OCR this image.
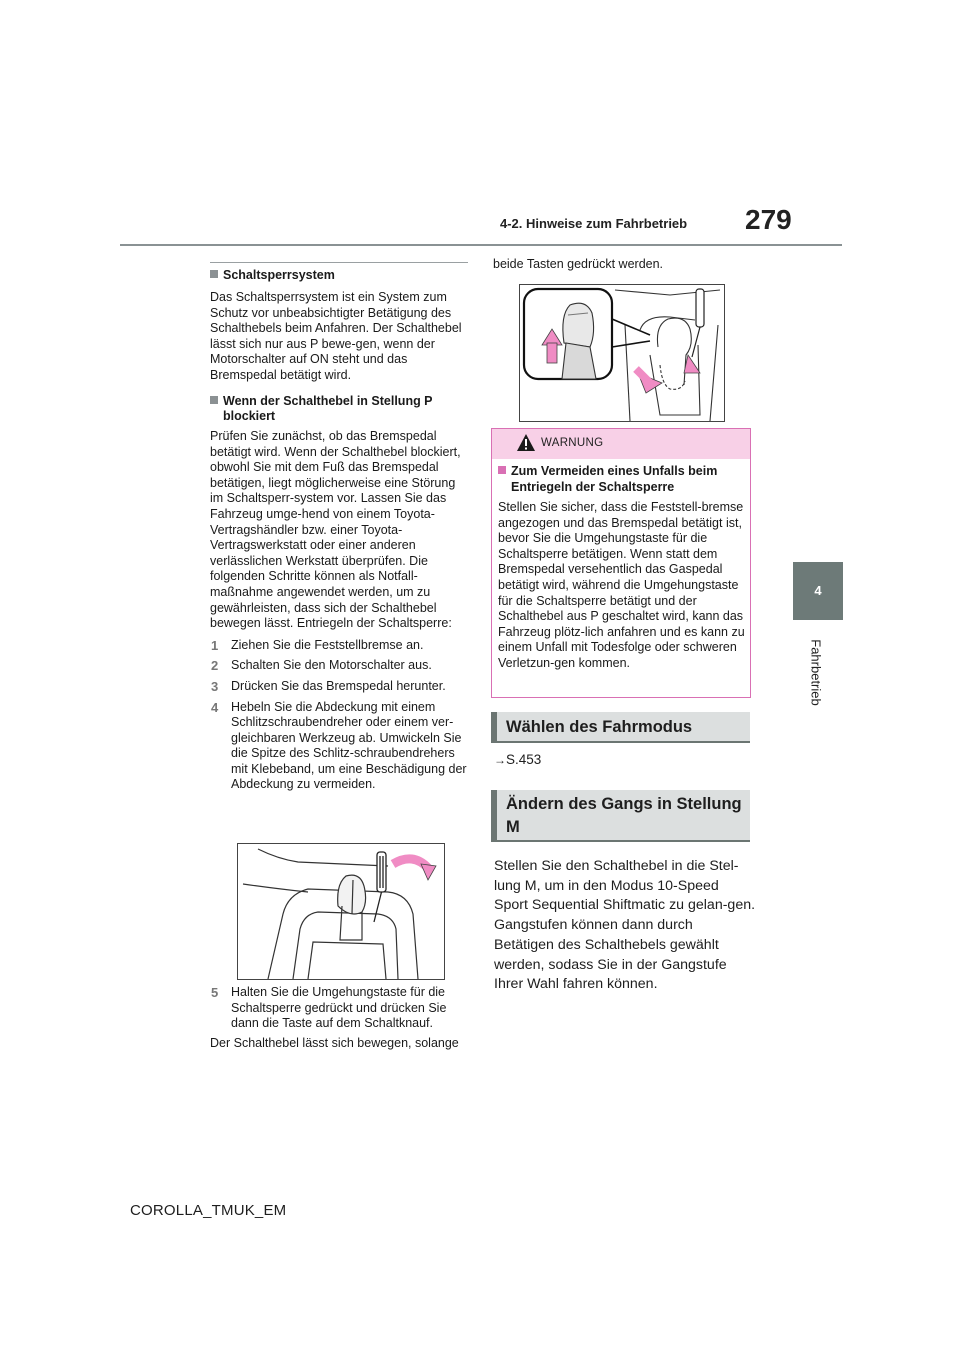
4-2. Hinweise zum Fahrbetrieb 279
4
Fahrbetrieb
Schaltsperrsystem
Das Schaltsperrsystem ist ein System zum Schutz vor unbeabsichtigter Betätigung des Schalthebels beim Anfahren. Der Schalthebel lässt sich nur aus P bewe-gen, wenn der Motorschalter auf ON steht und das Bremspedal betätigt wird.
Wenn der Schalthebel in Stellung P blockiert
Prüfen Sie zunächst, ob das Bremspedal betätigt wird. Wenn der Schalthebel blockiert, obwohl Sie mit dem Fuß das Bremspedal betätigen, liegt möglicherweise eine Störung im Schaltsperr-system vor. Lassen Sie das Fahrzeug umge-hend von einem Toyota-Vertragshändler bzw. einer Toyota-Vertragswerkstatt oder einer anderen verlässlichen Werkstatt überprüfen. Die folgenden Schritte können als Notfall-maßnahme angewendet werden, um zu gewährleisten, dass sich der Schalthebel bewegen lässt. Entriegeln der Schaltsperre:
1 Ziehen Sie die Feststellbremse an.
2 Schalten Sie den Motorschalter aus.
3 Drücken Sie das Bremspedal herunter.
4 Hebeln Sie die Abdeckung mit einem Schlitzschraubendreher oder einem ver-gleichbaren Werkzeug ab. Umwickeln Sie die Spitze des Schlitz-schraubendrehers mit Klebeband, um eine Beschädigung der Abdeckung zu vermeiden.
5 Halten Sie die Umgehungstaste für die Schaltsperre gedrückt und drücken Sie dann die Taste auf dem Schaltknauf.
Der Schalthebel lässt sich bewegen, solange
beide Tasten gedrückt werden.
WARNUNG
Zum Vermeiden eines Unfalls beim Entriegeln der Schaltsperre
Stellen Sie sicher, dass die Feststell-bremse angezogen und das Bremspedal betätigt ist, bevor Sie die Umgehungstaste für die Schaltsperre betätigen. Wenn statt dem Bremspedal versehentlich das Gaspedal betätigt wird, während die Umgehungstaste für die Schaltsperre betätigt und der Schalthebel aus P geschaltet wird, kann das Fahrzeug plötz-lich anfahren und es kann zu einem Unfall mit Todesfolge oder schweren Verletzun-gen kommen.
Wählen des Fahrmodus
→S.453
Ändern des Gangs in Stellung M
Stellen Sie den Schalthebel in die Stel-lung M, um in den Modus 10-Speed Sport Sequential Shiftmatic zu gelan-gen. Gangstufen können dann durch Betätigen des Schalthebels gewählt werden, sodass Sie in der Gangstufe Ihrer Wahl fahren können.
COROLLA_TMUK_EM
